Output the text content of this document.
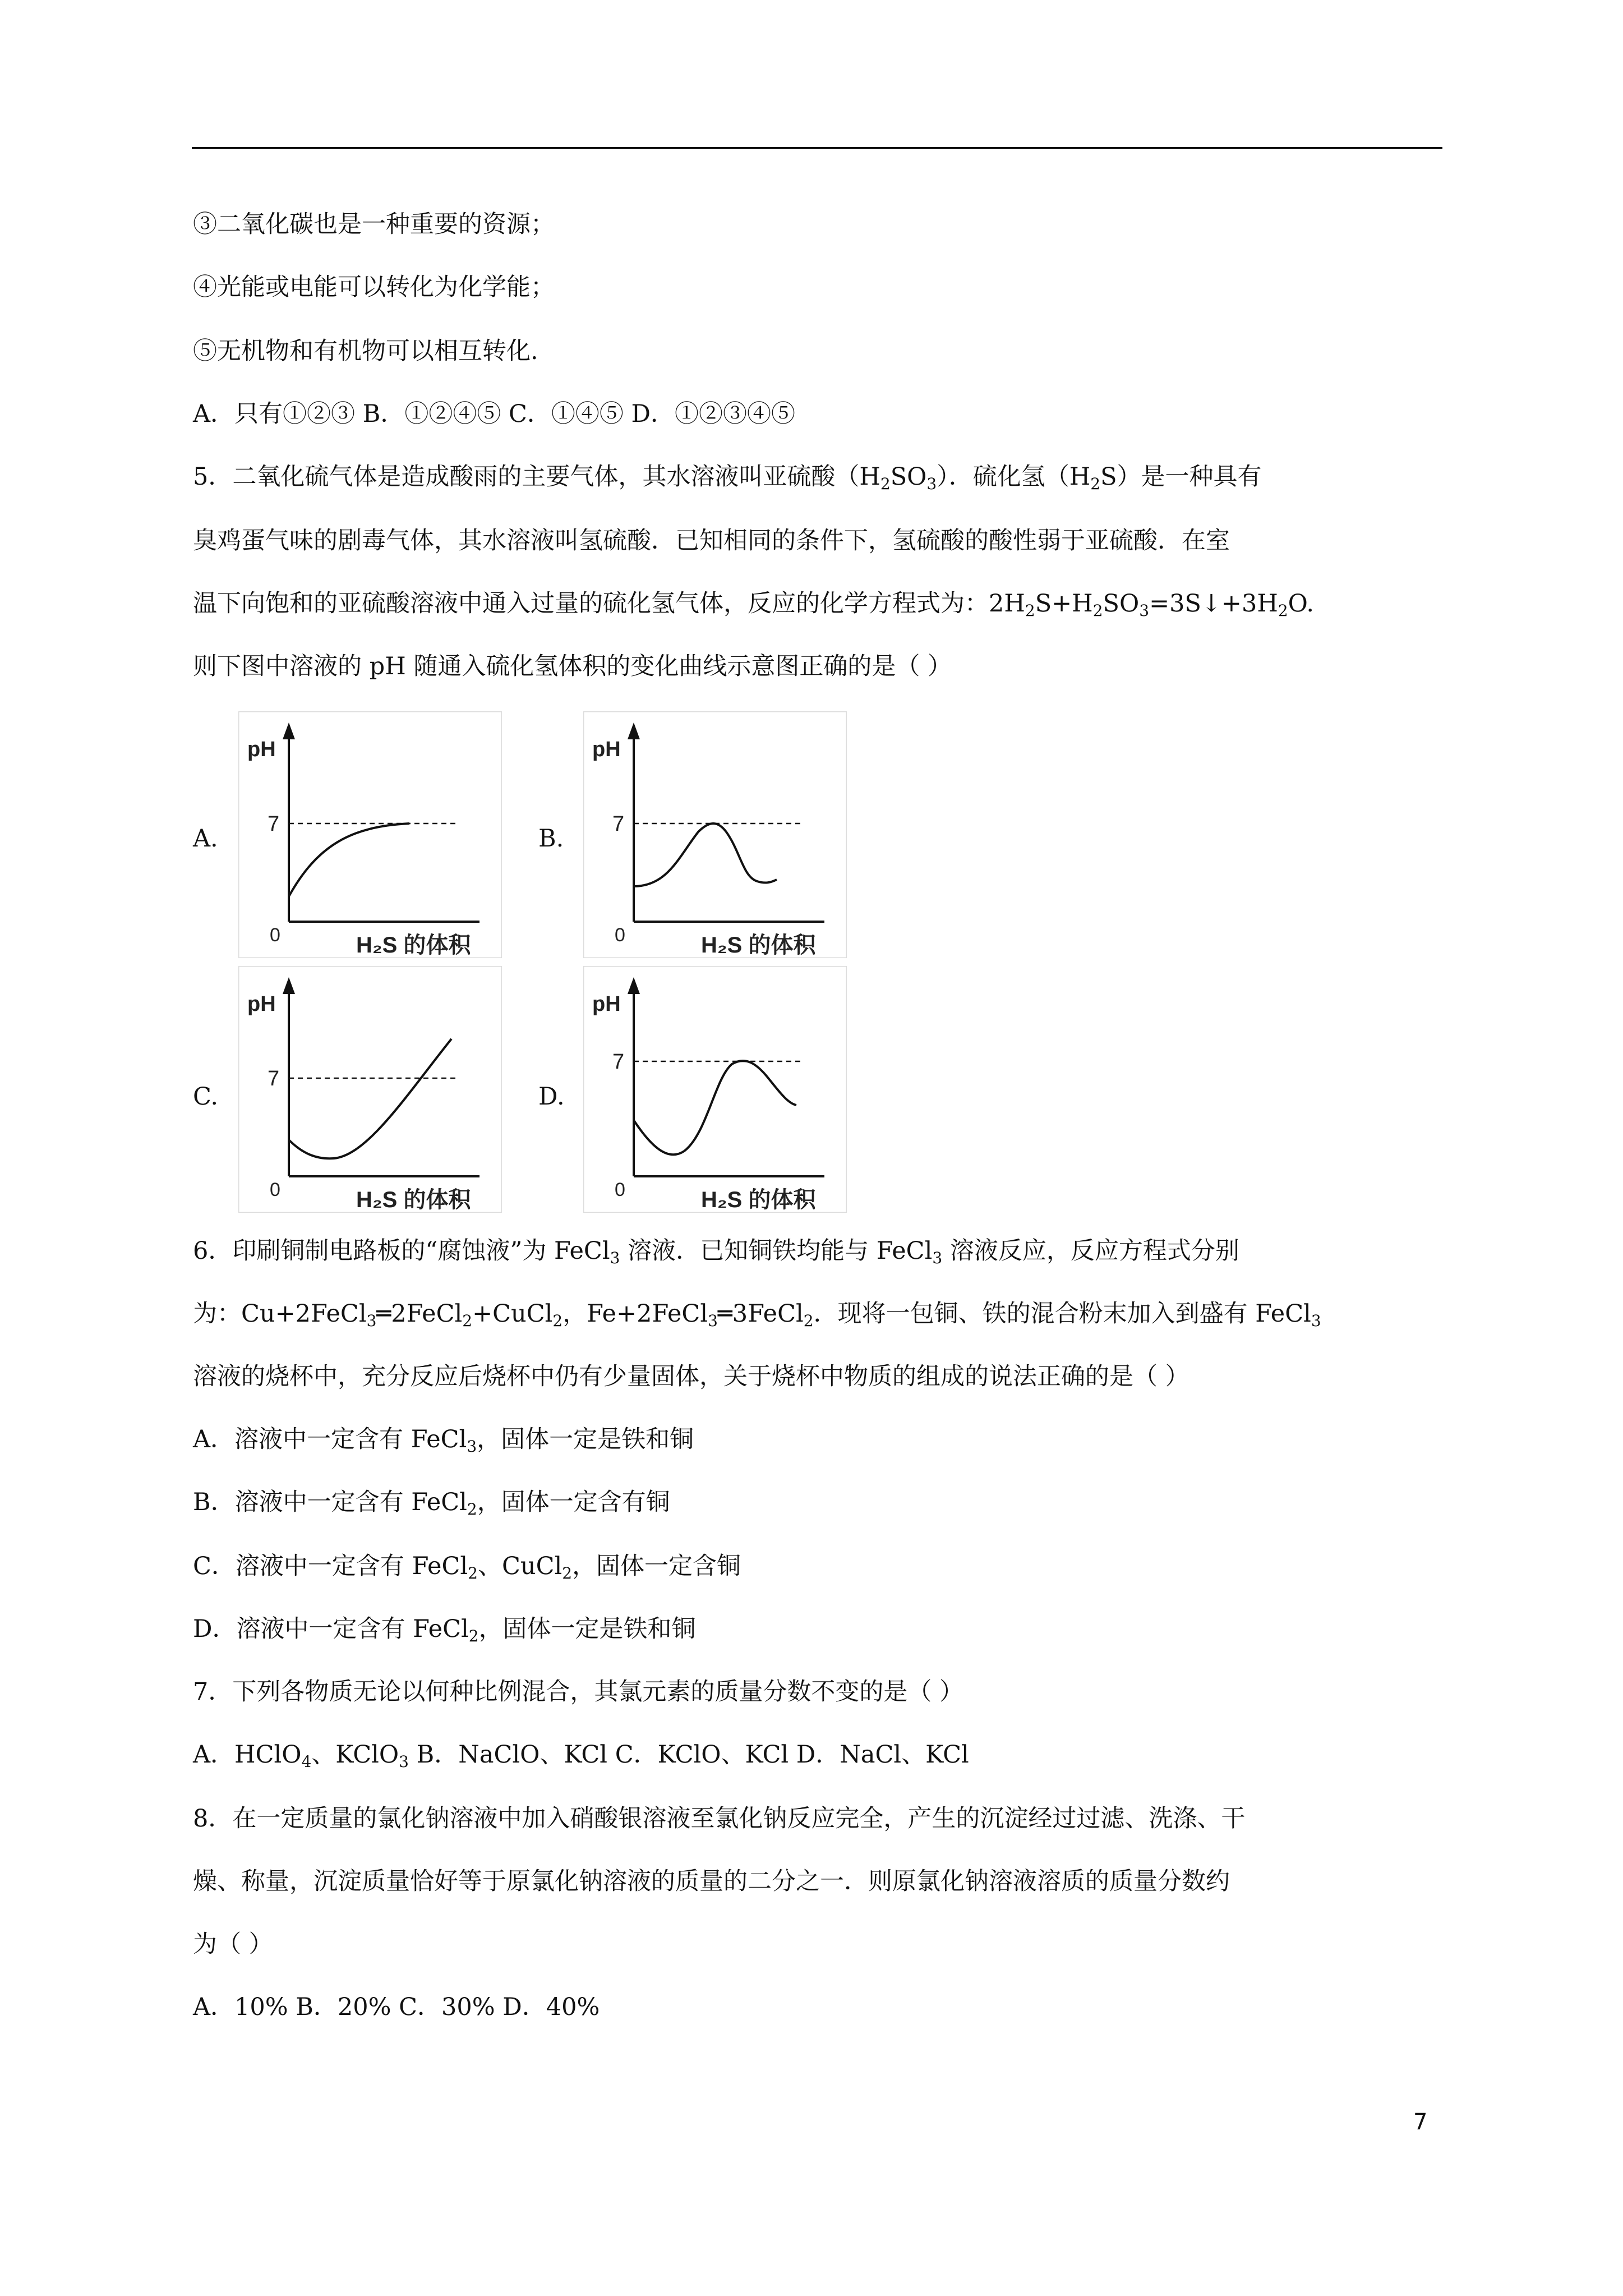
③二氧化碳也是一种重要的资源；
④光能或电能可以转化为化学能；
⑤无机物和有机物可以相互转化.
A．只有①②③ B．①②④⑤ C．①④⑤ D．①②③④⑤
5．二氧化硫气体是造成酸雨的主要气体，其水溶液叫亚硫酸$(H_2SO_3)$．硫化氢$(H_2S)$是一种具有
臭鸡蛋气味的剧毒气体，其水溶液叫氢硫酸．已知相同的条件下，氢硫酸的酸性弱于亚硫酸．在室
温下向饱和的亚硫酸溶液中通入过量的硫化氢气体，反应的化学方程式为：$2H_2S+H_2SO_3=3S↓+3H_2O$.
则下图中溶液的 pH 随通入硫化氢体积的变化曲线示意图正确的是（ ）
A.	B.
C.	D.
pH
7
0	H₂S 的体积
pH
7
0	H₂S 的体积
pH
7
0	H₂S 的体积
pH
7
0	H₂S 的体积
6．印刷铜制电路板的“腐蚀液”为 FeCl$_3$ 溶液．已知铜铁均能与 FeCl$_3$ 溶液反应，反应方程式分别
为：Cu+2FeCl$_3$═2FeCl$_2$+CuCl$_2$，Fe+2FeCl$_3$═3FeCl$_2$．现将一包铜、铁的混合粉末加入到盛有 FeCl$_3$
溶液的烧杯中，充分反应后烧杯中仍有少量固体，关于烧杯中物质的组成的说法正确的是（ ）
A．溶液中一定含有 FeCl$_3$，固体一定是铁和铜
B．溶液中一定含有 FeCl$_2$，固体一定含有铜
C．溶液中一定含有 FeCl$_2$、CuCl$_2$，固体一定含铜
D．溶液中一定含有 FeCl$_2$，固体一定是铁和铜
7．下列各物质无论以何种比例混合，其氯元素的质量分数不变的是（ ）
A．HClO$_4$、KClO$_3$ B．NaClO、KCl C．KClO、KCl D．NaCl、KCl
8．在一定质量的氯化钠溶液中加入硝酸银溶液至氯化钠反应完全，产生的沉淀经过过滤、洗涤、干
燥、称量，沉淀质量恰好等于原氯化钠溶液的质量的二分之一．则原氯化钠溶液溶质的质量分数约
为（ ）
A．10% B．20% C．30% D．40%
7
